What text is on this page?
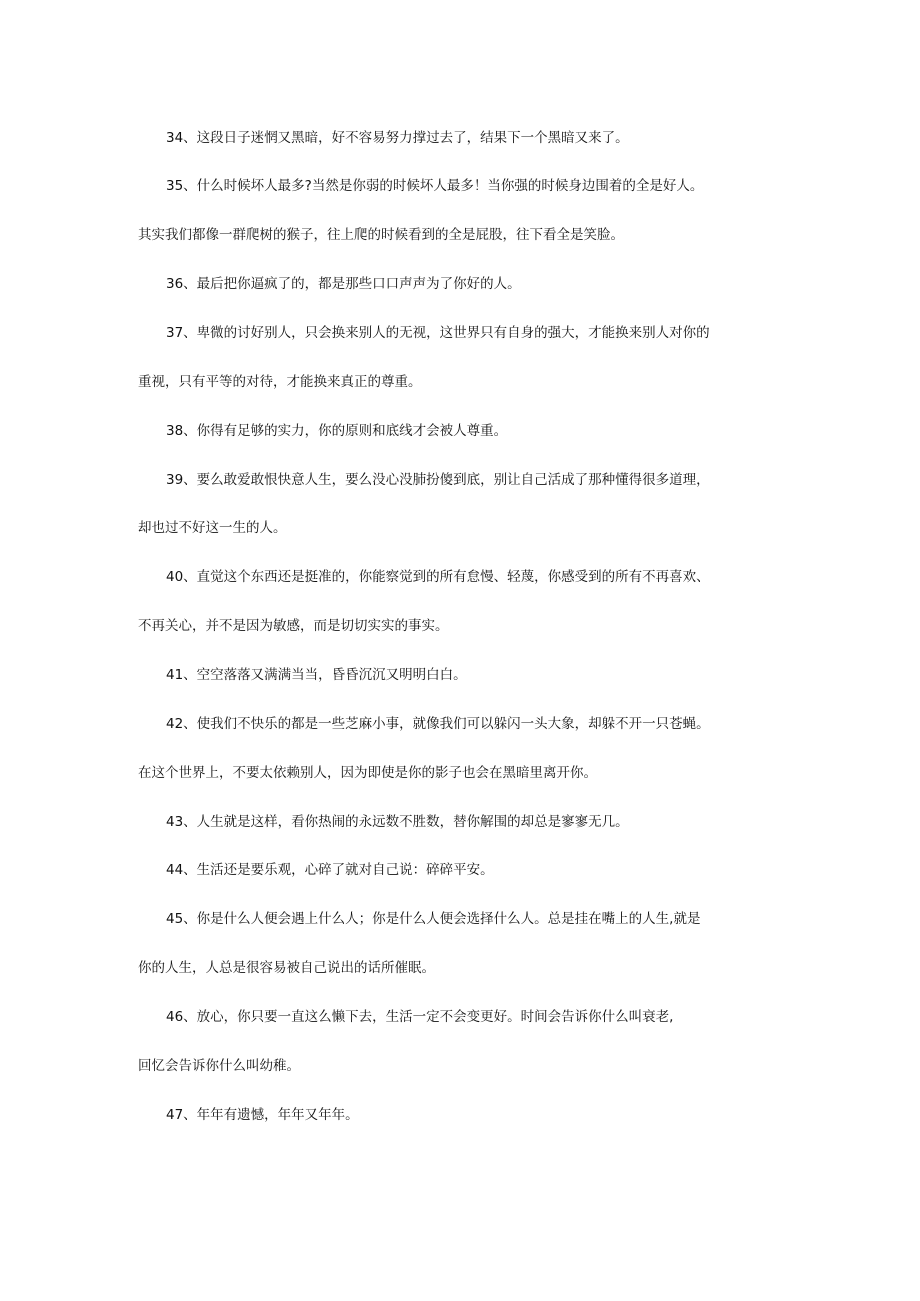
34、这段日子迷惘又黑暗，好不容易努力撑过去了，结果下一个黑暗又来了。
35、什么时候坏人最多?当然是你弱的时候坏人最多！当你强的时候身边围着的全是好人。
其实我们都像一群爬树的猴子，往上爬的时候看到的全是屁股，往下看全是笑脸。
36、最后把你逼疯了的，都是那些口口声声为了你好的人。
37、卑微的讨好别人，只会换来别人的无视，这世界只有自身的强大，才能换来别人对你的
重视，只有平等的对待，才能换来真正的尊重。
38、你得有足够的实力，你的原则和底线才会被人尊重。
39、要么敢爱敢恨快意人生，要么没心没肺扮傻到底，别让自己活成了那种懂得很多道理，
却也过不好这一生的人。
40、直觉这个东西还是挺准的，你能察觉到的所有怠慢、轻蔑，你感受到的所有不再喜欢、
不再关心，并不是因为敏感，而是切切实实的事实。
41、空空落落又满满当当，昏昏沉沉又明明白白。
42、使我们不快乐的都是一些芝麻小事，就像我们可以躲闪一头大象，却躲不开一只苍蝇。
在这个世界上，不要太依赖别人，因为即使是你的影子也会在黑暗里离开你。
43、人生就是这样，看你热闹的永远数不胜数，替你解围的却总是寥寥无几。
44、生活还是要乐观，心碎了就对自己说：碎碎平安。
45、你是什么人便会遇上什么人；你是什么人便会选择什么人。总是挂在嘴上的人生,就是
你的人生，人总是很容易被自己说出的话所催眠。
46、放心，你只要一直这么懒下去，生活一定不会变更好。时间会告诉你什么叫衰老,
回忆会告诉你什么叫幼稚。
47、年年有遗憾，年年又年年。
